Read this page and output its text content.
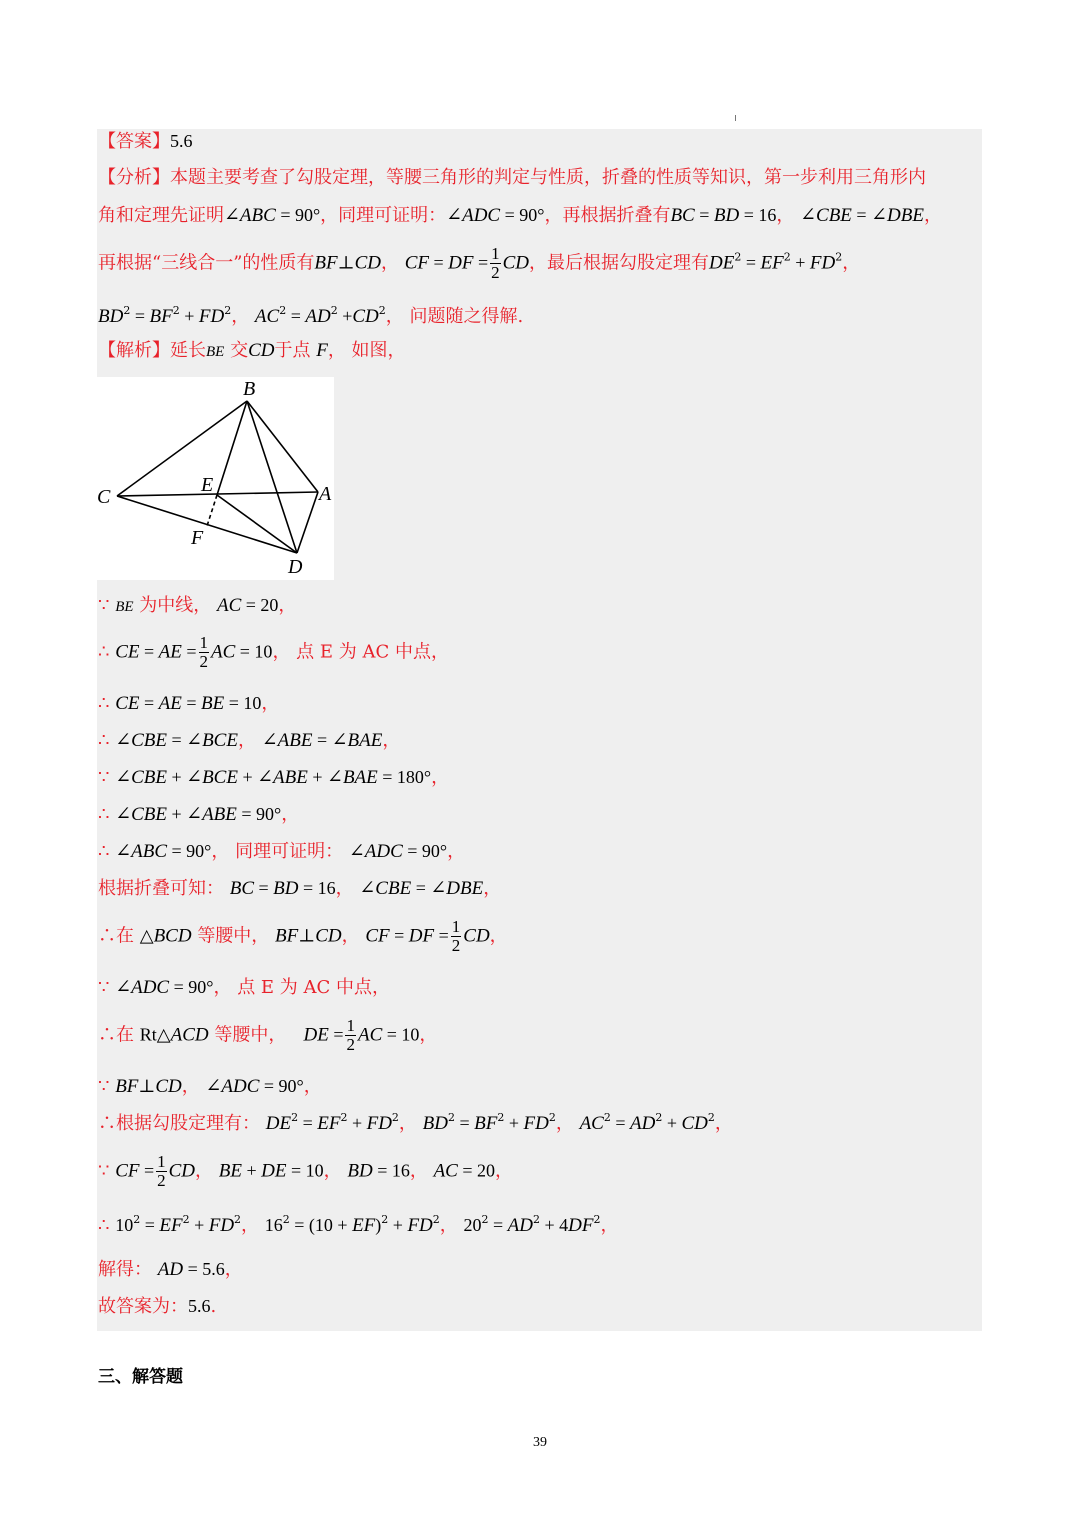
【答案】5.6
【分析】本题主要考查了勾股定理，等腰三角形的判定与性质，折叠的性质等知识，第一步利用三角形内
角和定理先证明∠ABC = 90°，同理可证明：∠ADC = 90°，再根据折叠有BC = BD = 16， ∠CBE = ∠DBE，
再根据“三线合一”的性质有BF⊥CD， CF = DF = $\frac{1}{2}$ CD，最后根据勾股定理有$DE^2 = EF^2 + FD^2$，
$BD^2 = BF^2 + FD^2$， $AC^2 = AD^2 +CD^2$， 问题随之得解.
【解析】延长BE 交CD于点 F， 如图，
B
C
E	A
F
D
∵ BE 为中线， AC = 20，
∴ CE = AE = $\frac{1}{2}$ AC = 10， 点 E 为 AC 中点，
∴ CE = AE = BE = 10，
∴ ∠CBE = ∠BCE， ∠ABE = ∠BAE，
∵ ∠CBE + ∠BCE + ∠ABE + ∠BAE = 180°，
∴ ∠CBE + ∠ABE = 90°，
∴ ∠ABC = 90°， 同理可证明： ∠ADC = 90°，
根据折叠可知： BC = BD = 16， ∠CBE = ∠DBE，
∴在 △BCD 等腰中， BF⊥CD， CF = DF = $\frac{1}{2}$ CD，
∵ ∠ADC = 90°， 点 E 为 AC 中点，
∴在 Rt△ACD 等腰中， DE = $\frac{1}{2}$ AC = 10，
∵ BF⊥CD， ∠ADC = 90°，
∴根据勾股定理有： $DE^2 = EF^2 + FD^2$， $BD^2 = BF^2 + FD^2$， $AC^2 = AD^2 + CD^2$，
∵ CF = $\frac{1}{2}$ CD， BE + DE = 10， BD = 16， AC = 20，
∴ $10^2 = EF^2 + FD^2$， $16^2 = (10 + EF)^2 + FD^2$， $20^2 = AD^2 + 4DF^2$，
解得： AD = 5.6，
故答案为：5.6.
三、解答题
39
